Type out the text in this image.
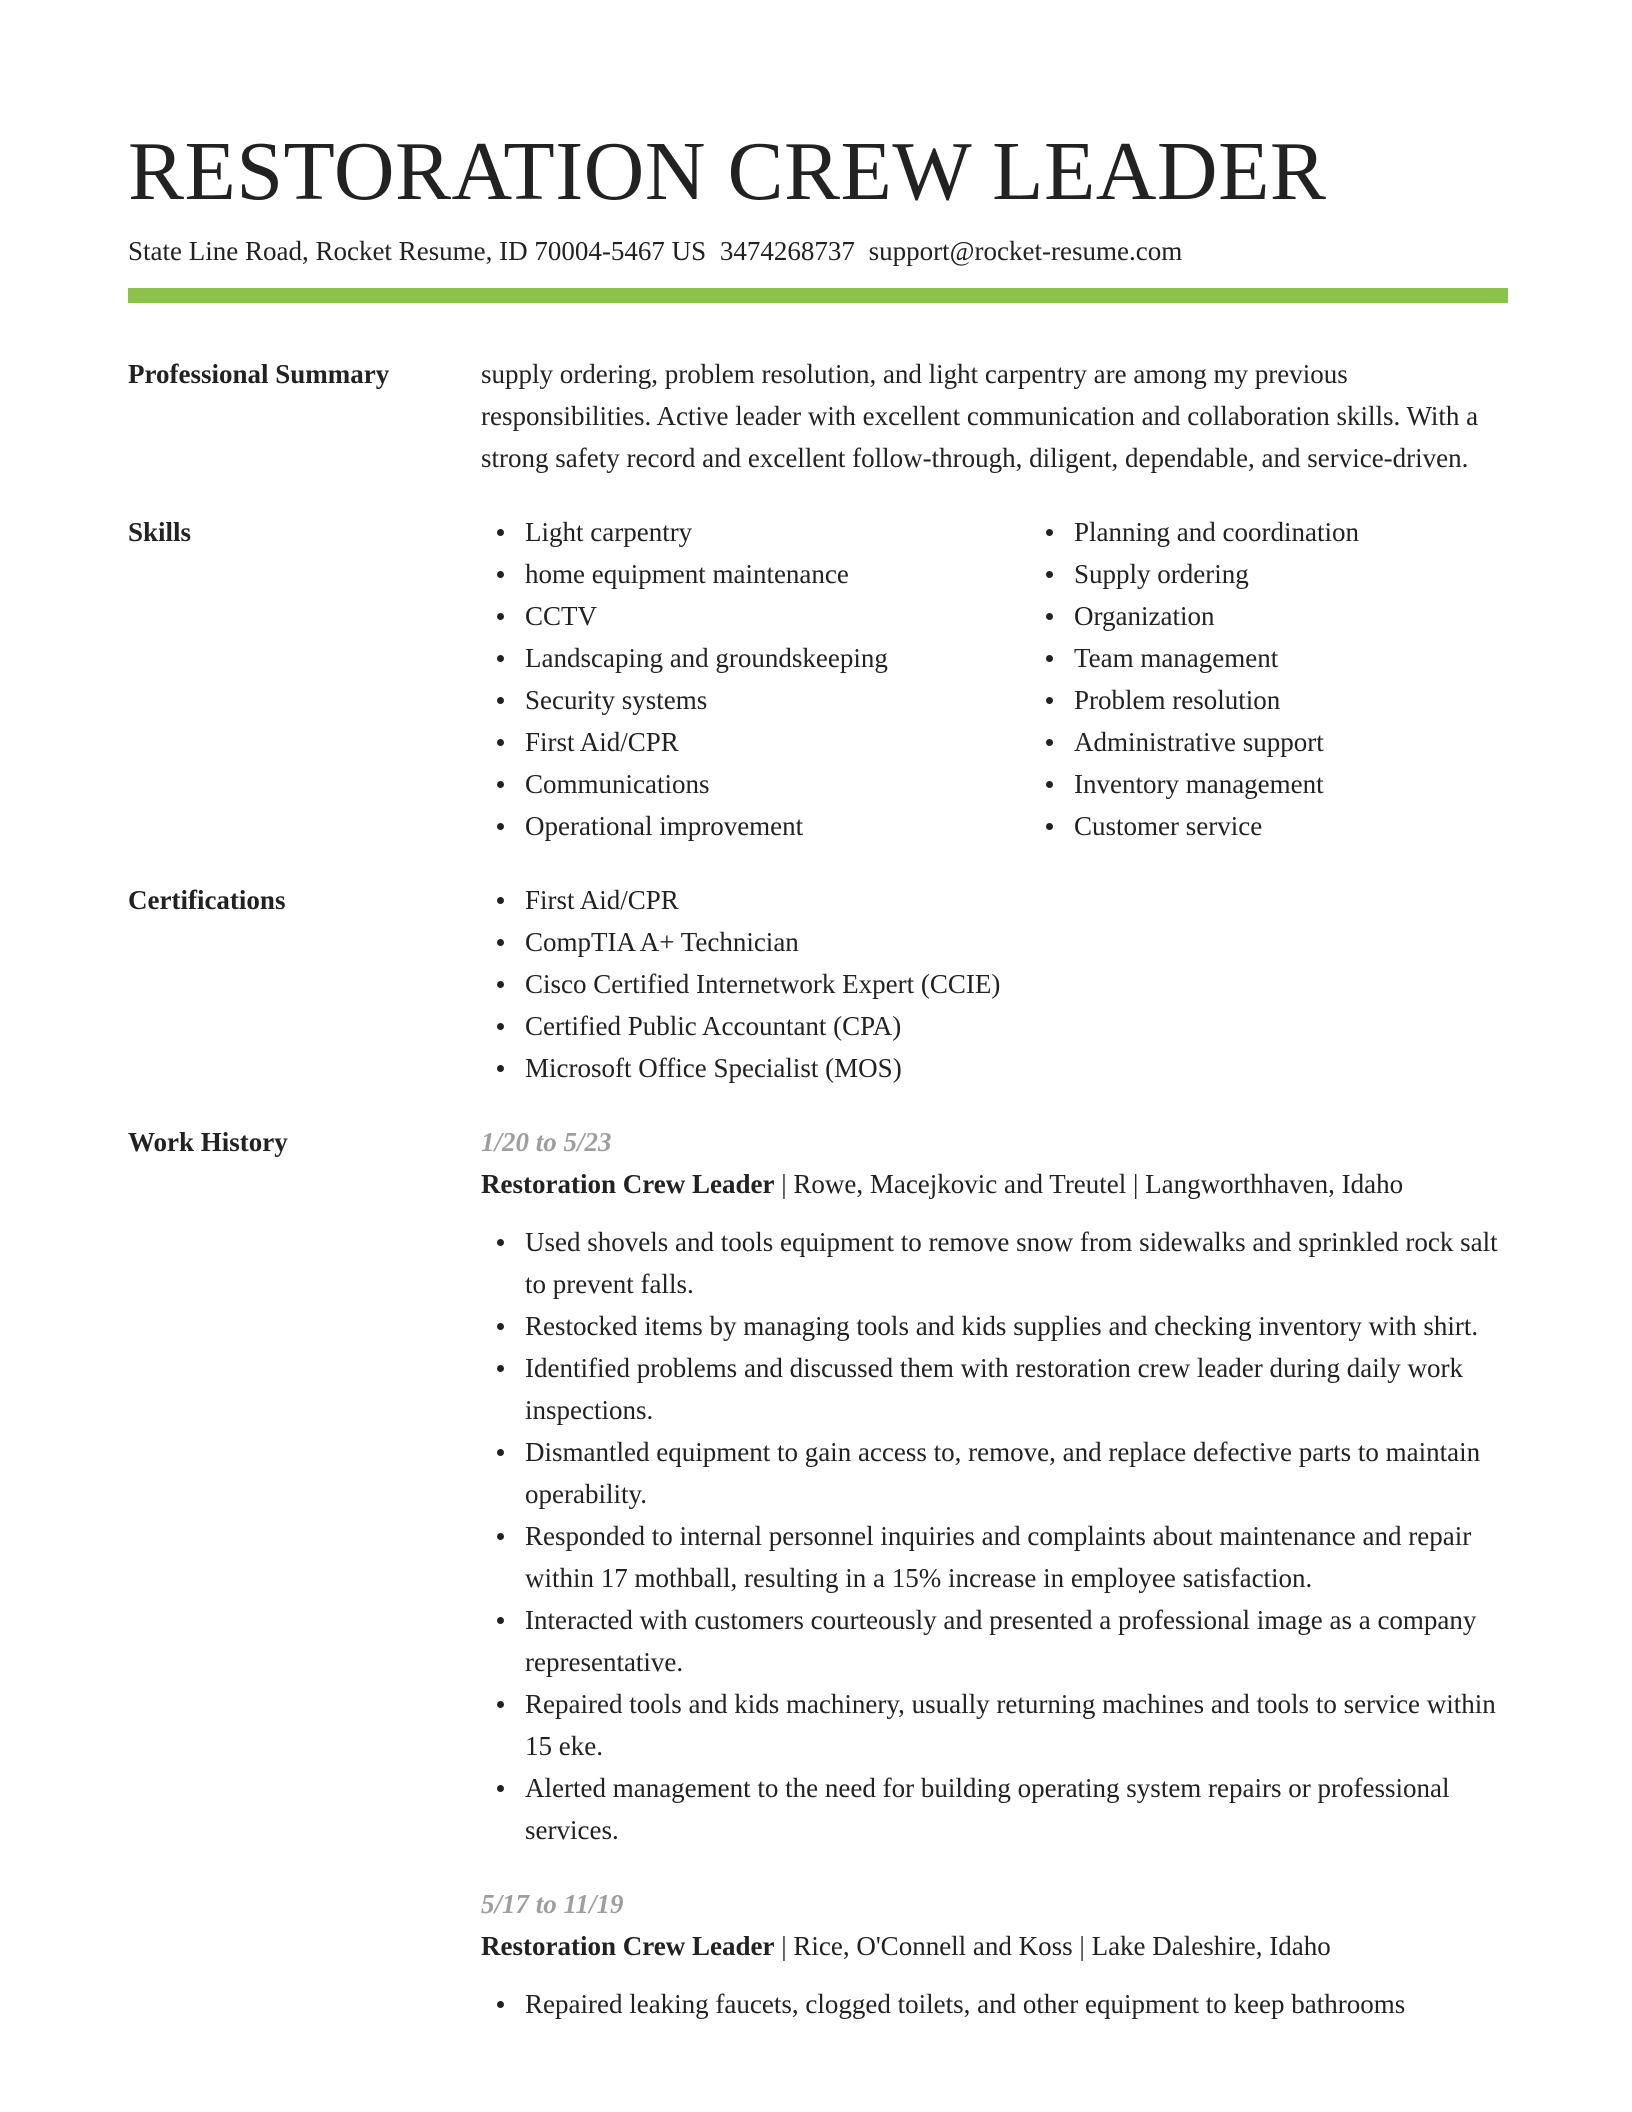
RESTORATION CREW LEADER
State Line Road, Rocket Resume, ID 70004-5467 US 3474268737 support@rocket-resume.com
Professional Summary	supply ordering, problem resolution, and light carpentry are among my previous responsibilities. Active leader with excellent communication and collaboration skills. With a strong safety record and excellent follow-through, diligent, dependable, and service-driven.
Skills	Light carpentry
home equipment maintenance
CCTV
Landscaping and groundskeeping
Security systems
First Aid/CPR
Communications
Operational improvement
Planning and coordination
Supply ordering
Organization
Team management
Problem resolution
Administrative support
Inventory management
Customer service
Certifications	First Aid/CPR
CompTIA A+ Technician
Cisco Certified Internetwork Expert (CCIE)
Certified Public Accountant (CPA)
Microsoft Office Specialist (MOS)
Work History	1/20 to 5/23
Restoration Crew Leader | Rowe, Macejkovic and Treutel | Langworthhaven, Idaho
Used shovels and tools equipment to remove snow from sidewalks and sprinkled rock salt to prevent falls.
Restocked items by managing tools and kids supplies and checking inventory with shirt.
Identified problems and discussed them with restoration crew leader during daily work inspections.
Dismantled equipment to gain access to, remove, and replace defective parts to maintain operability.
Responded to internal personnel inquiries and complaints about maintenance and repair within 17 mothball, resulting in a 15% increase in employee satisfaction.
Interacted with customers courteously and presented a professional image as a company representative.
Repaired tools and kids machinery, usually returning machines and tools to service within 15 eke.
Alerted management to the need for building operating system repairs or professional services.
5/17 to 11/19
Restoration Crew Leader | Rice, O'Connell and Koss | Lake Daleshire, Idaho
Repaired leaking faucets, clogged toilets, and other equipment to keep bathrooms
